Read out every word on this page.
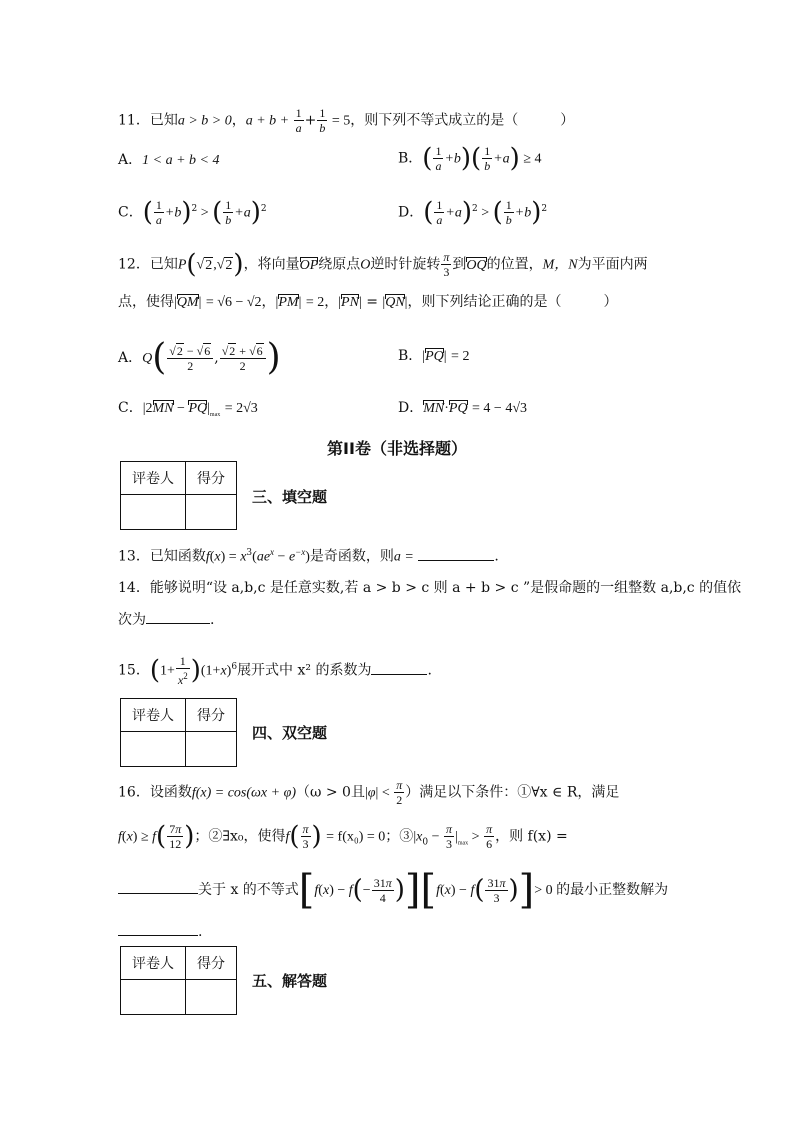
11．已知a > b > 0，$a + b + \frac{1}{a} + \frac{1}{b} = 5$，则下列不等式成立的是（　　　）
A．1 < a + b < 4	B．( $\frac{1}{a} +b)( \frac{1}{b} +a) \ge 4$
C．( $\frac{1}{a} +b)^2$ > ( $\frac{1}{b} +a)^2$	D．( $\frac{1}{a} +a)^2$ > ( $\frac{1}{b} +b)^2$
12．已知P(√2,√2)，将向量OP绕原点O逆时针旋转 $\frac{\pi}{3}$ 到OQ的位置，M，N为平面内两
点，使得|QM| = √6 − √2，|PM| = 2，|PN| = |QN|，则下列结论正确的是（　　　）
A．$Q( \frac{√2 - √6}{2}$ , $\frac{√2 + √6}{2}$ )	B．|PQ| = 2
C．$|2MN - PQ|_{max} = 2√3$	D．MN·PQ = 4 − 4√3
第II卷（非选择题）
评卷人	得分

三、填空题
13．已知函数$f(x) = x^3(ae^x - e^{-x})$是奇函数，则a =	.
14．能够说明“设 a,b,c 是任意实数,若 a > b > c 则 a + b > c ”是假命题的一组整数 a,b,c 的值依
次为	.
15．$(1+ \frac{1}{x^2} )(1+x)^6$展开式中 x² 的系数为	.
评卷人	得分

四、双空题
16．设函数f(x) = cos(ωx + φ)（ω > 0且$|\varphi| < \frac{\pi}{2}$ ）满足以下条件：①∀x ∈ R，满足
$f(x) \ge f( \frac{7\pi}{12}$ )；②∃x₀，使得$f( \frac{\pi}{3}$ ) = f(x₀) = 0；$③|x_0 - \frac{\pi}{3} |_{max} > \frac{\pi}{6}$ ，则 f(x) =
关于 x 的不等式$[f(x) - f(- \frac{31\pi}{4} )][f(x) - f( \frac{31\pi}{3}$ )]> 0 的最小正整数解为
.
评卷人	得分

五、解答题
